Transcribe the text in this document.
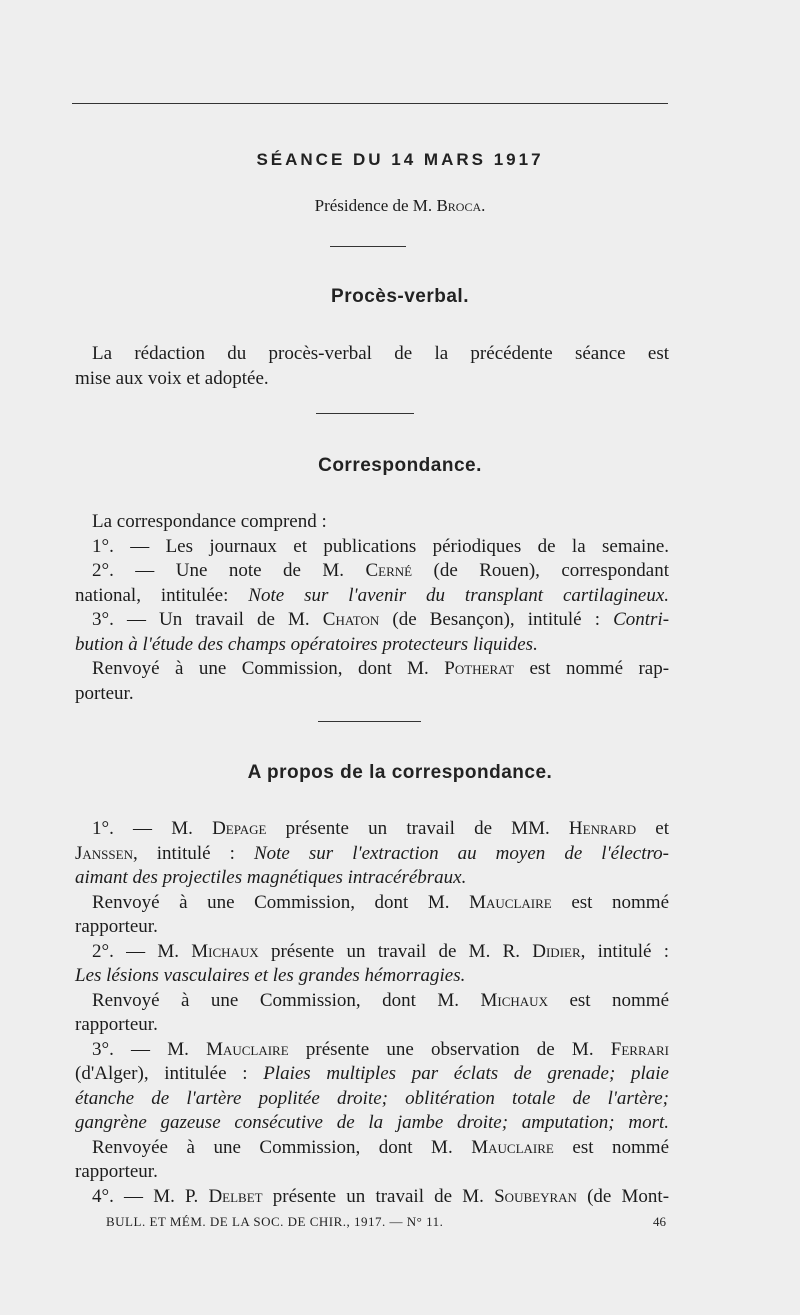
SÉANCE DU 14 MARS 1917
Présidence de M. Broca.
Procès-verbal.
La rédaction du procès-verbal de la précédente séance est
mise aux voix et adoptée.
Correspondance.
La correspondance comprend :
1°. — Les journaux et publications périodiques de la semaine.
2°. — Une note de M. Cerné (de Rouen), correspondant
national, intitulée: Note sur l'avenir du transplant cartilagineux.
3°. — Un travail de M. Chaton (de Besançon), intitulé : Contri-
bution à l'étude des champs opératoires protecteurs liquides.
Renvoyé à une Commission, dont M. Potherat est nommé rap-
porteur.
A propos de la correspondance.
1°. — M. Depage présente un travail de MM. Henrard et
Janssen, intitulé : Note sur l'extraction au moyen de l'électro-
aimant des projectiles magnétiques intracérébraux.
Renvoyé à une Commission, dont M. Mauclaire est nommé
rapporteur.
2°. — M. Michaux présente un travail de M. R. Didier, intitulé :
Les lésions vasculaires et les grandes hémorragies.
Renvoyé à une Commission, dont M. Michaux est nommé
rapporteur.
3°. — M. Mauclaire présente une observation de M. Ferrari
(d'Alger), intitulée : Plaies multiples par éclats de grenade; plaie
étanche de l'artère poplitée droite; oblitération totale de l'artère;
gangrène gazeuse consécutive de la jambe droite; amputation; mort.
Renvoyée à une Commission, dont M. Mauclaire est nommé
rapporteur.
4°. — M. P. Delbet présente un travail de M. Soubeyran (de Mont-
BULL. ET MÉM. DE LA SOC. DE CHIR., 1917. — N° 11.	46
